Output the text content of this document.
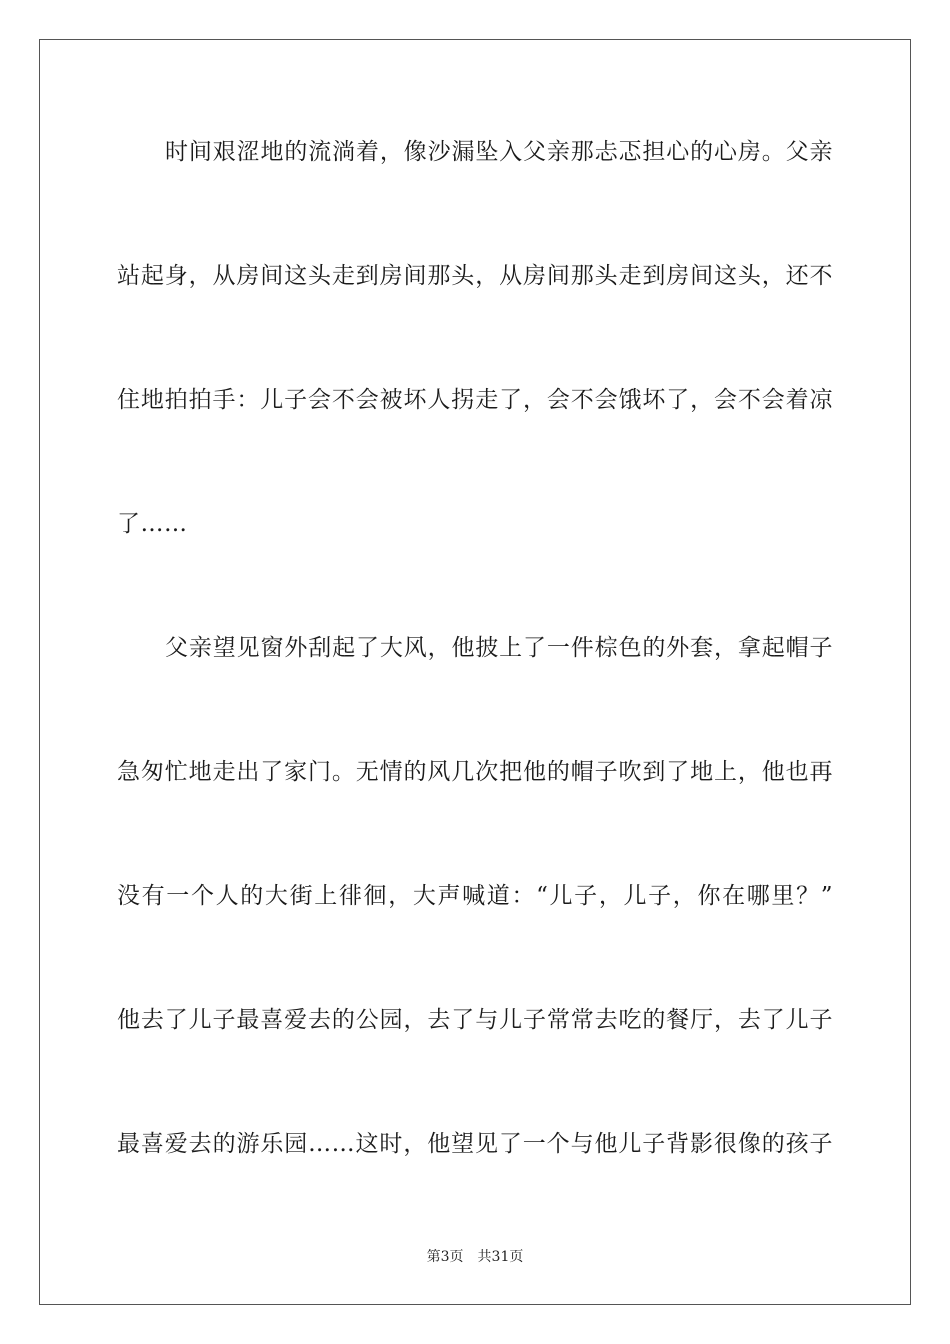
时间艰涩地的流淌着，像沙漏坠入父亲那忐忑担心的心房。父亲
站起身，从房间这头走到房间那头，从房间那头走到房间这头，还不
住地拍拍手：儿子会不会被坏人拐走了，会不会饿坏了，会不会着凉
了……
父亲望见窗外刮起了大风，他披上了一件棕色的外套，拿起帽子
急匆忙地走出了家门。无情的风几次把他的帽子吹到了地上，他也再
没有一个人的大街上徘徊，大声喊道：“儿子，儿子，你在哪里？”
他去了儿子最喜爱去的公园，去了与儿子常常去吃的餐厅，去了儿子
最喜爱去的游乐园……这时，他望见了一个与他儿子背影很像的孩子
第3页 共31页
